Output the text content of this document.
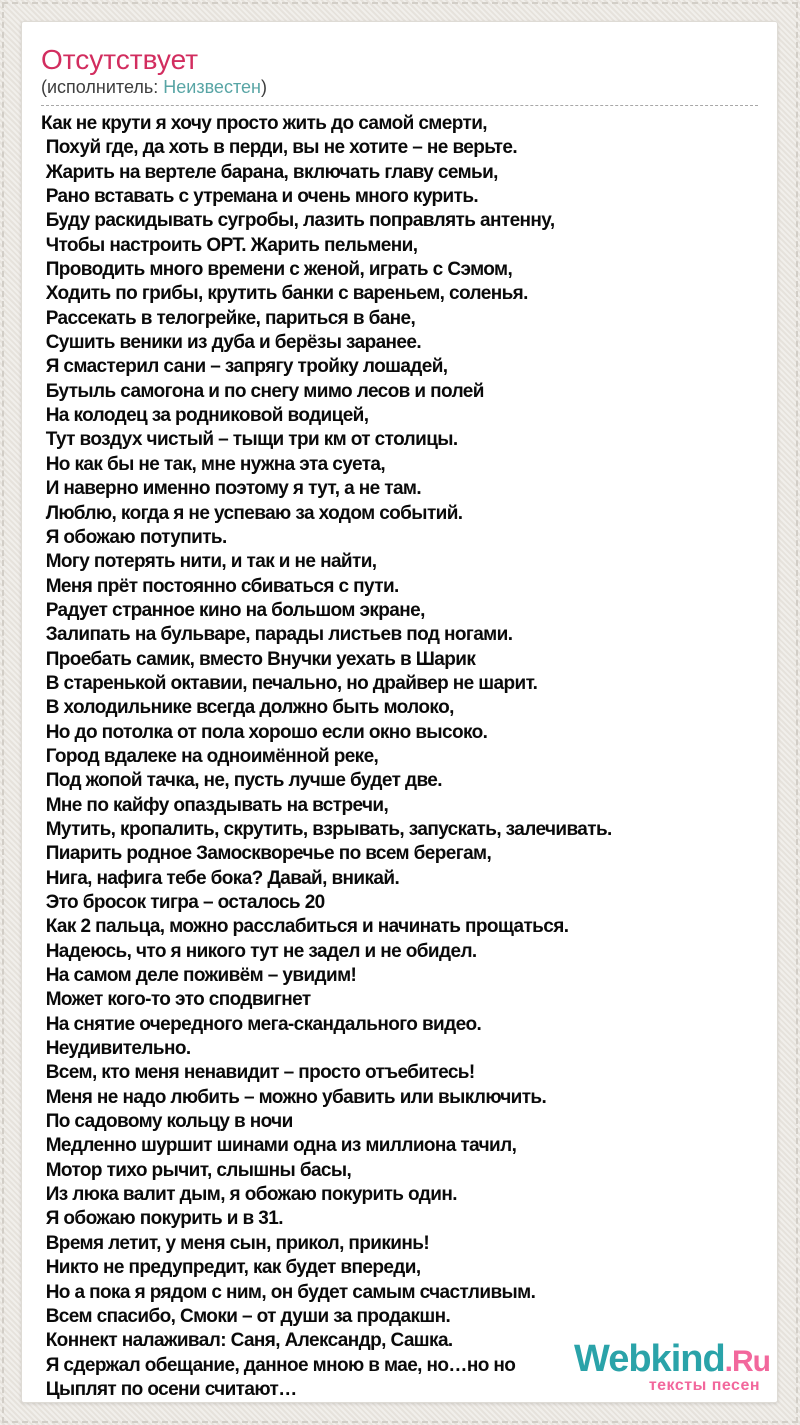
Отсутствует

(исполнитель: Неизвестен)

Как не крути я хочу просто жить до самой смерти,
Похуй где, да хоть в перди, вы не хотите – не верьте.
Жарить на вертеле барана, включать главу семьи,
Рано вставать с утремана и очень много курить.
Буду раскидывать сугробы, лазить поправлять антенну,
Чтобы настроить ОРТ. Жарить пельмени,
Проводить много времени с женой, играть с Сэмом,
Ходить по грибы, крутить банки с вареньем, соленья.
Рассекать в телогрейке, париться в бане,
Сушить веники из дуба и берёзы заранее.
Я смастерил сани – запрягу тройку лошадей,
Бутыль самогона и по снегу мимо лесов и полей
На колодец за родниковой водицей,
Тут воздух чистый – тыщи три км от столицы.
Но как бы не так, мне нужна эта суета,
И наверно именно поэтому я тут, а не там.
Люблю, когда я не успеваю за ходом событий.
Я обожаю потупить.
Могу потерять нити, и так и не найти,
Меня прёт постоянно сбиваться с пути.
Радует странное кино на большом экране,
Залипать на бульваре, парады листьев под ногами.
Проебать самик, вместо Внучки уехать в Шарик
В старенькой октавии, печально, но драйвер не шарит.
В холодильнике всегда должно быть молоко,
Но до потолка от пола хорошо если окно высоко.
Город вдалеке на одноимённой реке,
Под жопой тачка, не, пусть лучше будет две.
Мне по кайфу опаздывать на встречи,
Мутить, кропалить, скрутить, взрывать, запускать, залечивать.
Пиарить родное Замоскворечье по всем берегам,
Нига, нафига тебе бока? Давай, вникай.
Это бросок тигра – осталось 20
Как 2 пальца, можно расслабиться и начинать прощаться.
Надеюсь, что я никого тут не задел и не обидел.
На самом деле поживём – увидим!
Может кого-то это сподвигнет
На снятие очередного мега-скандального видео.
Неудивительно.
Всем, кто меня ненавидит – просто отъебитесь!
Меня не надо любить – можно убавить или выключить.
По садовому кольцу в ночи
Медленно шуршит шинами одна из миллиона тачил,
Мотор тихо рычит, слышны басы,
Из люка валит дым, я обожаю покурить один.
Я обожаю покурить и в 31.
Время летит, у меня сын, прикол, прикинь!
Никто не предупредит, как будет впереди,
Но а пока я рядом с ним, он будет самым счастливым.
Всем спасибо, Смоки – от души за продакшн.
Коннект налаживал: Саня, Александр, Сашка.
Я сдержал обещание, данное мною в мае, но…но но
Цыплят по осени считают…
Webkind.Ru
тексты песен
